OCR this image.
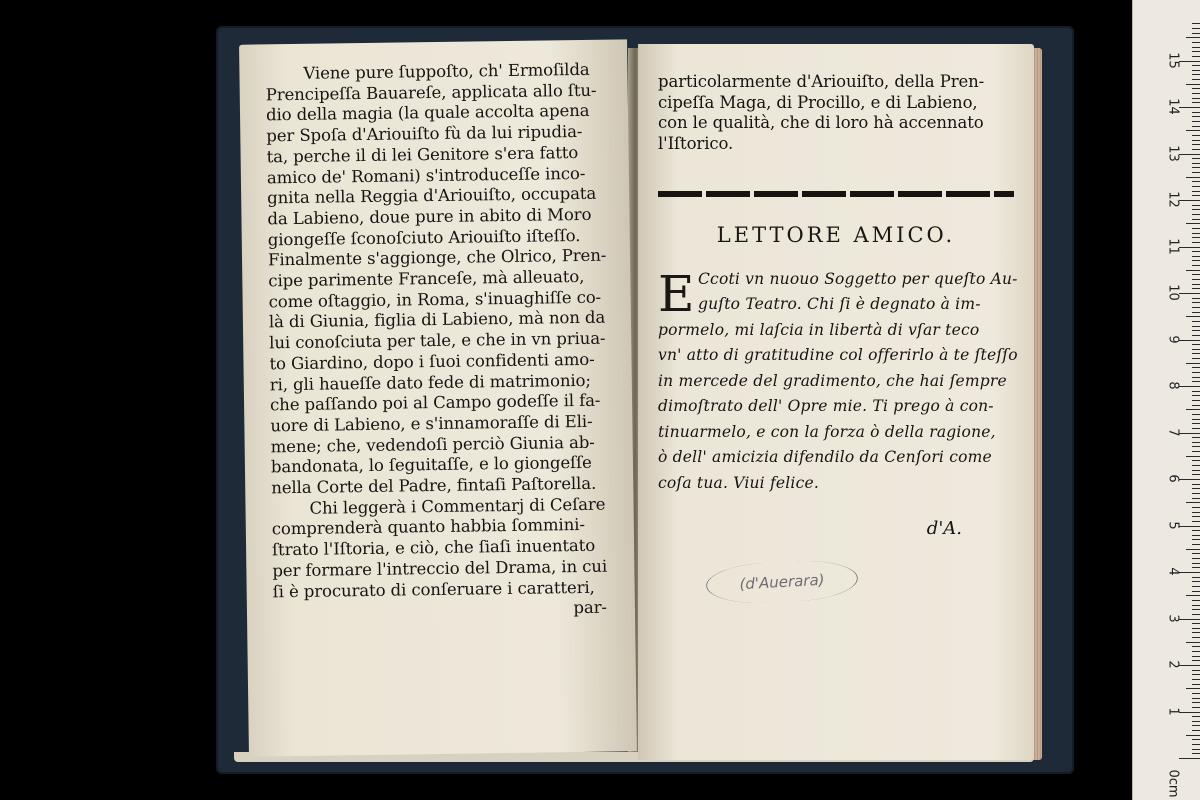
Viene pure ſuppoſto, ch' Ermoſilda
Prencipeſſa Bauareſe, applicata allo ſtu-
dio della magia (la quale accolta apena
per Spoſa d'Ariouiſto fù da lui ripudia-
ta, perche il di lei Genitore s'era fatto
amico de' Romani) s'introduceſſe inco-
gnita nella Reggia d'Ariouiſto, occupata
da Labieno, doue pure in abito di Moro
giongeſſe ſconoſciuto Ariouiſto iſteſſo.
Finalmente s'aggionge, che Olrico, Pren-
cipe parimente Franceſe, mà alleuato,
come oſtaggio, in Roma, s'inuaghiſſe co-
là di Giunia, figlia di Labieno, mà non da
lui conoſciuta per tale, e che in vn priua-
to Giardino, dopo i ſuoi confidenti amo-
ri, gli haueſſe dato fede di matrimonio;
che paſſando poi al Campo godeſſe il fa-
uore di Labieno, e s'innamoraſſe di Eli-
mene; che, vedendoſi perciò Giunia ab-
bandonata, lo ſeguitaſſe, e lo giongeſſe
nella Corte del Padre, fintaſi Paſtorella.
Chi leggerà i Commentarj di Ceſare
comprenderà quanto habbia ſommini-
ſtrato l'Iſtoria, e ciò, che ſiaſi inuentato
per formare l'intreccio del Drama, in cui
ſi è procurato di conſeruare i caratteri,
par-
particolarmente d'Ariouiſto, della Pren-
cipeſſa Maga, di Procillo, e di Labieno,
con le qualità, che di loro hà accennato
l'Iſtorico.
LETTORE AMICO.
E Ccoti vn nuouo Soggetto per queſto Au-
guſto Teatro. Chi ſi è degnato à im-
pormelo, mi laſcia in libertà di vſar teco
vn' atto di gratitudine col offerirlo à te ſteſſo
in mercede del gradimento, che hai ſempre
dimoſtrato dell' Opre mie. Ti prego à con-
tinuarmelo, e con la forza ò della ragione,
ò dell' amicizia difendilo da Cenſori come
coſa tua. Viui felice.
d'A.
(d'Auerara)
0cm
1
2
3
4
5
6
7
8
9
10
11
12
13
14
15
